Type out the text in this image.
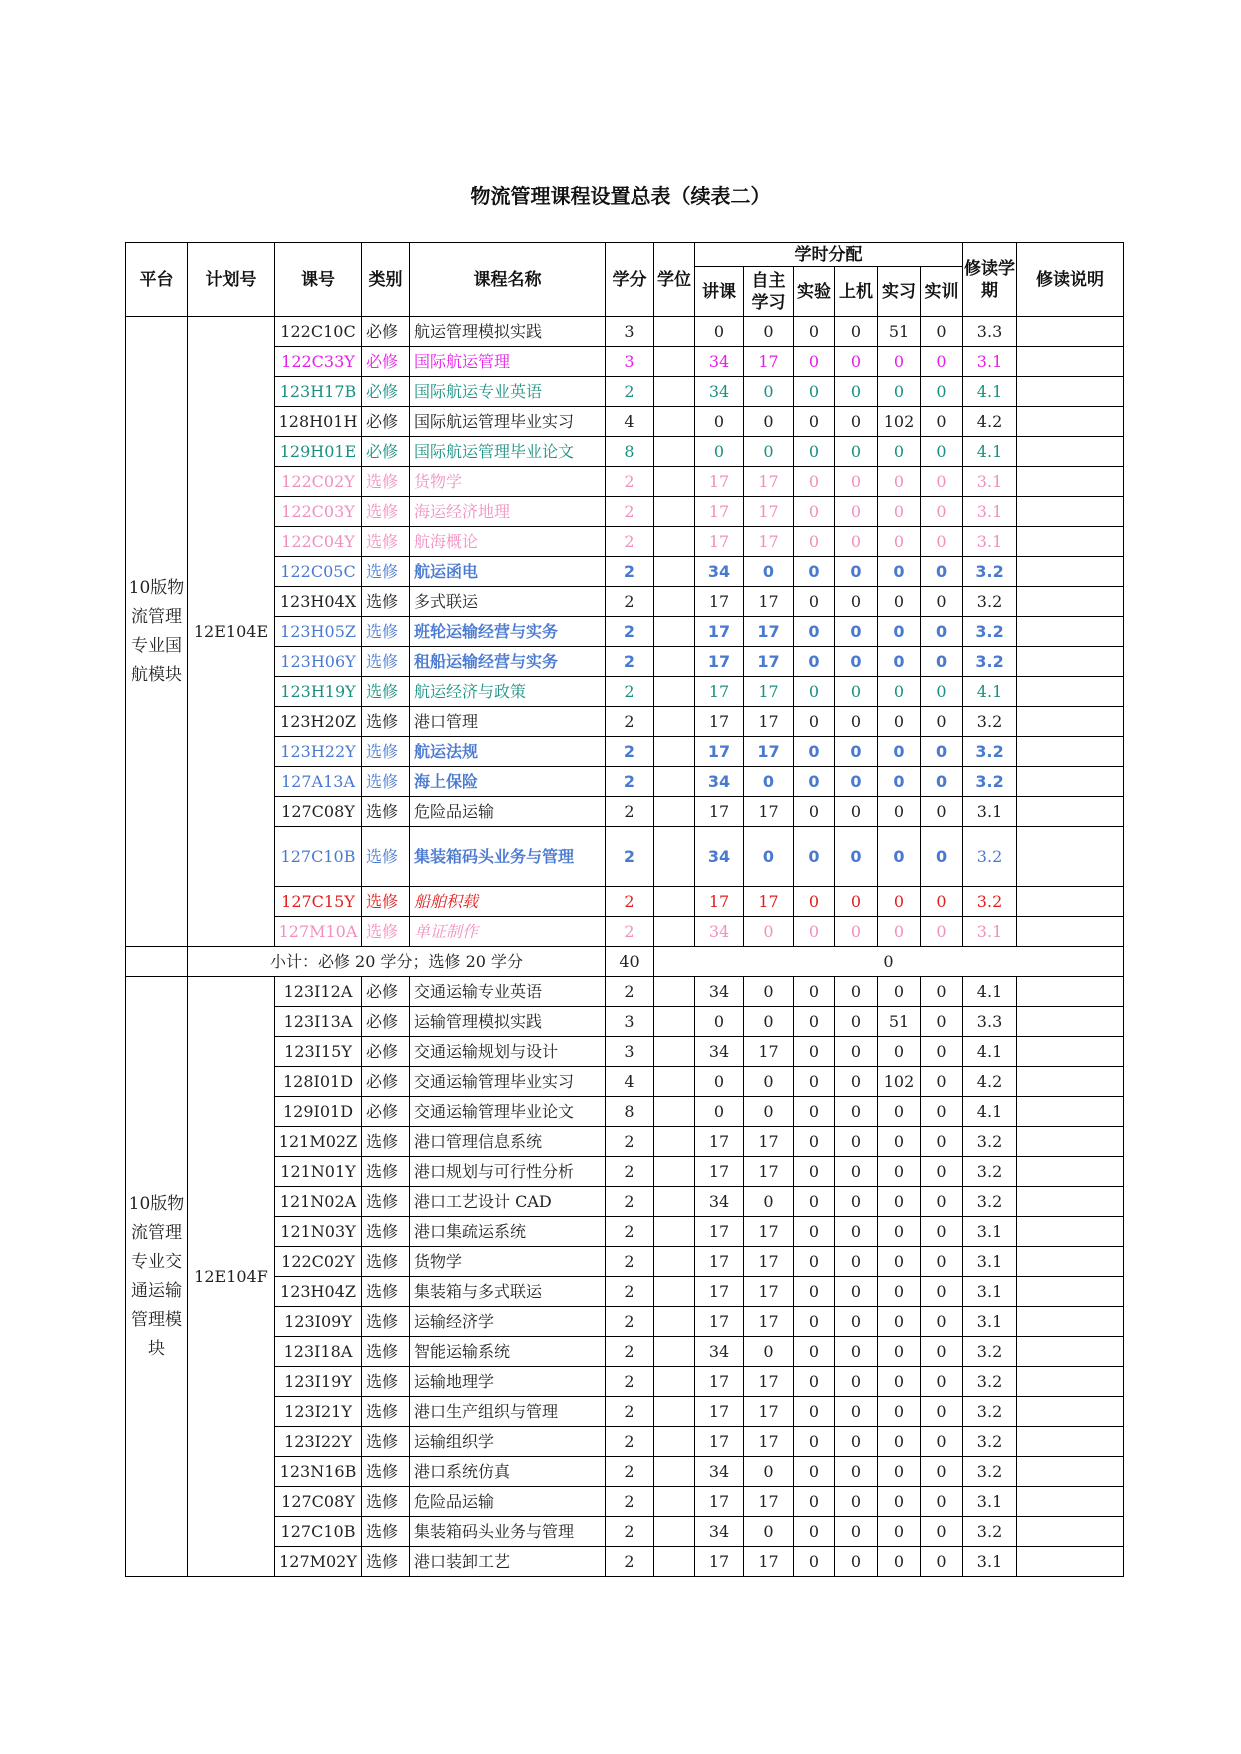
物流管理课程设置总表（续表二）
平台	计划号	课号	类别	课程名称	学分	学位	学时分配						修读学期	修读说明
							讲课	自主学习	实验	上机	实习	实训		
10版物流管理专业国航模块	12E104E	122C10C	必修	航运管理模拟实践	3		0	0	0	0	51	0	3.3	
		122C33Y	必修	国际航运管理	3		34	17	0	0	0	0	3.1	
		123H17B	必修	国际航运专业英语	2		34	0	0	0	0	0	4.1	
		128H01H	必修	国际航运管理毕业实习	4		0	0	0	0	102	0	4.2	
		129H01E	必修	国际航运管理毕业论文	8		0	0	0	0	0	0	4.1	
		122C02Y	选修	货物学	2		17	17	0	0	0	0	3.1	
		122C03Y	选修	海运经济地理	2		17	17	0	0	0	0	3.1	
		122C04Y	选修	航海概论	2		17	17	0	0	0	0	3.1	
		122C05C	选修	航运函电	2		34	0	0	0	0	0	3.2	
		123H04X	选修	多式联运	2		17	17	0	0	0	0	3.2	
		123H05Z	选修	班轮运输经营与实务	2		17	17	0	0	0	0	3.2	
		123H06Y	选修	租船运输经营与实务	2		17	17	0	0	0	0	3.2	
		123H19Y	选修	航运经济与政策	2		17	17	0	0	0	0	4.1	
		123H20Z	选修	港口管理	2		17	17	0	0	0	0	3.2	
		123H22Y	选修	航运法规	2		17	17	0	0	0	0	3.2	
		127A13A	选修	海上保险	2		34	0	0	0	0	0	3.2	
		127C08Y	选修	危险品运输	2		17	17	0	0	0	0	3.1	
		127C10B	选修	集装箱码头业务与管理	2		34	0	0	0	0	0	3.2	
		127C15Y	选修	船舶积载	2		17	17	0	0	0	0	3.2	
		127M10A	选修	单证制作	2		34	0	0	0	0	0	3.1	
	小计：必修 20 学分；选修 20 学分				40	0								
10版物流管理专业交通运输管理模块	12E104F	123I12A	必修	交通运输专业英语	2		34	0	0	0	0	0	4.1	
		123I13A	必修	运输管理模拟实践	3		0	0	0	0	51	0	3.3	
		123I15Y	必修	交通运输规划与设计	3		34	17	0	0	0	0	4.1	
		128I01D	必修	交通运输管理毕业实习	4		0	0	0	0	102	0	4.2	
		129I01D	必修	交通运输管理毕业论文	8		0	0	0	0	0	0	4.1	
		121M02Z	选修	港口管理信息系统	2		17	17	0	0	0	0	3.2	
		121N01Y	选修	港口规划与可行性分析	2		17	17	0	0	0	0	3.2	
		121N02A	选修	港口工艺设计 CAD	2		34	0	0	0	0	0	3.2	
		121N03Y	选修	港口集疏运系统	2		17	17	0	0	0	0	3.1	
		122C02Y	选修	货物学	2		17	17	0	0	0	0	3.1	
		123H04Z	选修	集装箱与多式联运	2		17	17	0	0	0	0	3.1	
		123I09Y	选修	运输经济学	2		17	17	0	0	0	0	3.1	
		123I18A	选修	智能运输系统	2		34	0	0	0	0	0	3.2	
		123I19Y	选修	运输地理学	2		17	17	0	0	0	0	3.2	
		123I21Y	选修	港口生产组织与管理	2		17	17	0	0	0	0	3.2	
		123I22Y	选修	运输组织学	2		17	17	0	0	0	0	3.2	
		123N16B	选修	港口系统仿真	2		34	0	0	0	0	0	3.2	
		127C08Y	选修	危险品运输	2		17	17	0	0	0	0	3.1	
		127C10B	选修	集装箱码头业务与管理	2		34	0	0	0	0	0	3.2	
		127M02Y	选修	港口装卸工艺	2		17	17	0	0	0	0	3.1	
